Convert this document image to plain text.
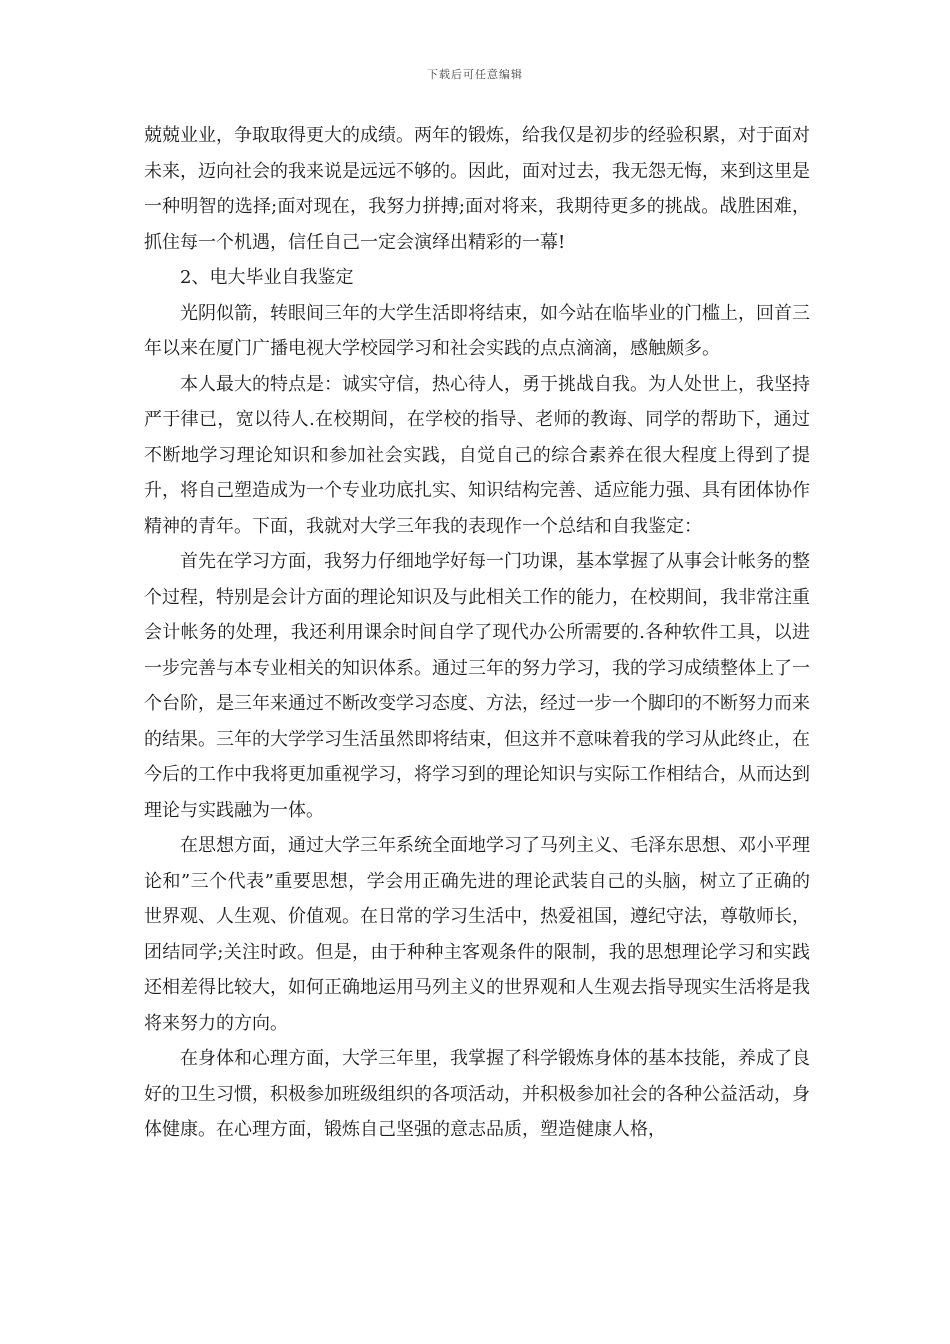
下载后可任意编辑

兢兢业业，争取取得更大的成绩。两年的锻炼，给我仅是初步的经验积累，对于面对未来，迈向社会的我来说是远远不够的。因此，面对过去，我无怨无悔，来到这里是一种明智的选择;面对现在，我努力拼搏;面对将来，我期待更多的挑战。战胜困难，抓住每一个机遇，信任自己一定会演绎出精彩的一幕!

2、电大毕业自我鉴定

光阴似箭，转眼间三年的大学生活即将结束，如今站在临毕业的门槛上，回首三年以来在厦门广播电视大学校园学习和社会实践的点点滴滴，感触颇多。

本人最大的特点是：诚实守信，热心待人，勇于挑战自我。为人处世上，我坚持严于律已，宽以待人.在校期间，在学校的指导、老师的教诲、同学的帮助下，通过不断地学习理论知识和参加社会实践，自觉自己的综合素养在很大程度上得到了提升，将自己塑造成为一个专业功底扎实、知识结构完善、适应能力强、具有团体协作精神的青年。下面，我就对大学三年我的表现作一个总结和自我鉴定：

首先在学习方面，我努力仔细地学好每一门功课，基本掌握了从事会计帐务的整个过程，特别是会计方面的理论知识及与此相关工作的能力，在校期间，我非常注重会计帐务的处理，我还利用课余时间自学了现代办公所需要的.各种软件工具，以进一步完善与本专业相关的知识体系。通过三年的努力学习，我的学习成绩整体上了一个台阶，是三年来通过不断改变学习态度、方法，经过一步一个脚印的不断努力而来的结果。三年的大学学习生活虽然即将结束，但这并不意味着我的学习从此终止，在今后的工作中我将更加重视学习，将学习到的理论知识与实际工作相结合，从而达到理论与实践融为一体。

在思想方面，通过大学三年系统全面地学习了马列主义、毛泽东思想、邓小平理论和”三个代表”重要思想，学会用正确先进的理论武装自己的头脑，树立了正确的世界观、人生观、价值观。在日常的学习生活中，热爱祖国，遵纪守法，尊敬师长，团结同学;关注时政。但是，由于种种主客观条件的限制，我的思想理论学习和实践还相差得比较大，如何正确地运用马列主义的世界观和人生观去指导现实生活将是我将来努力的方向。

在身体和心理方面，大学三年里，我掌握了科学锻炼身体的基本技能，养成了良好的卫生习惯，积极参加班级组织的各项活动，并积极参加社会的各种公益活动，身体健康。在心理方面，锻炼自己坚强的意志品质，塑造健康人格，
